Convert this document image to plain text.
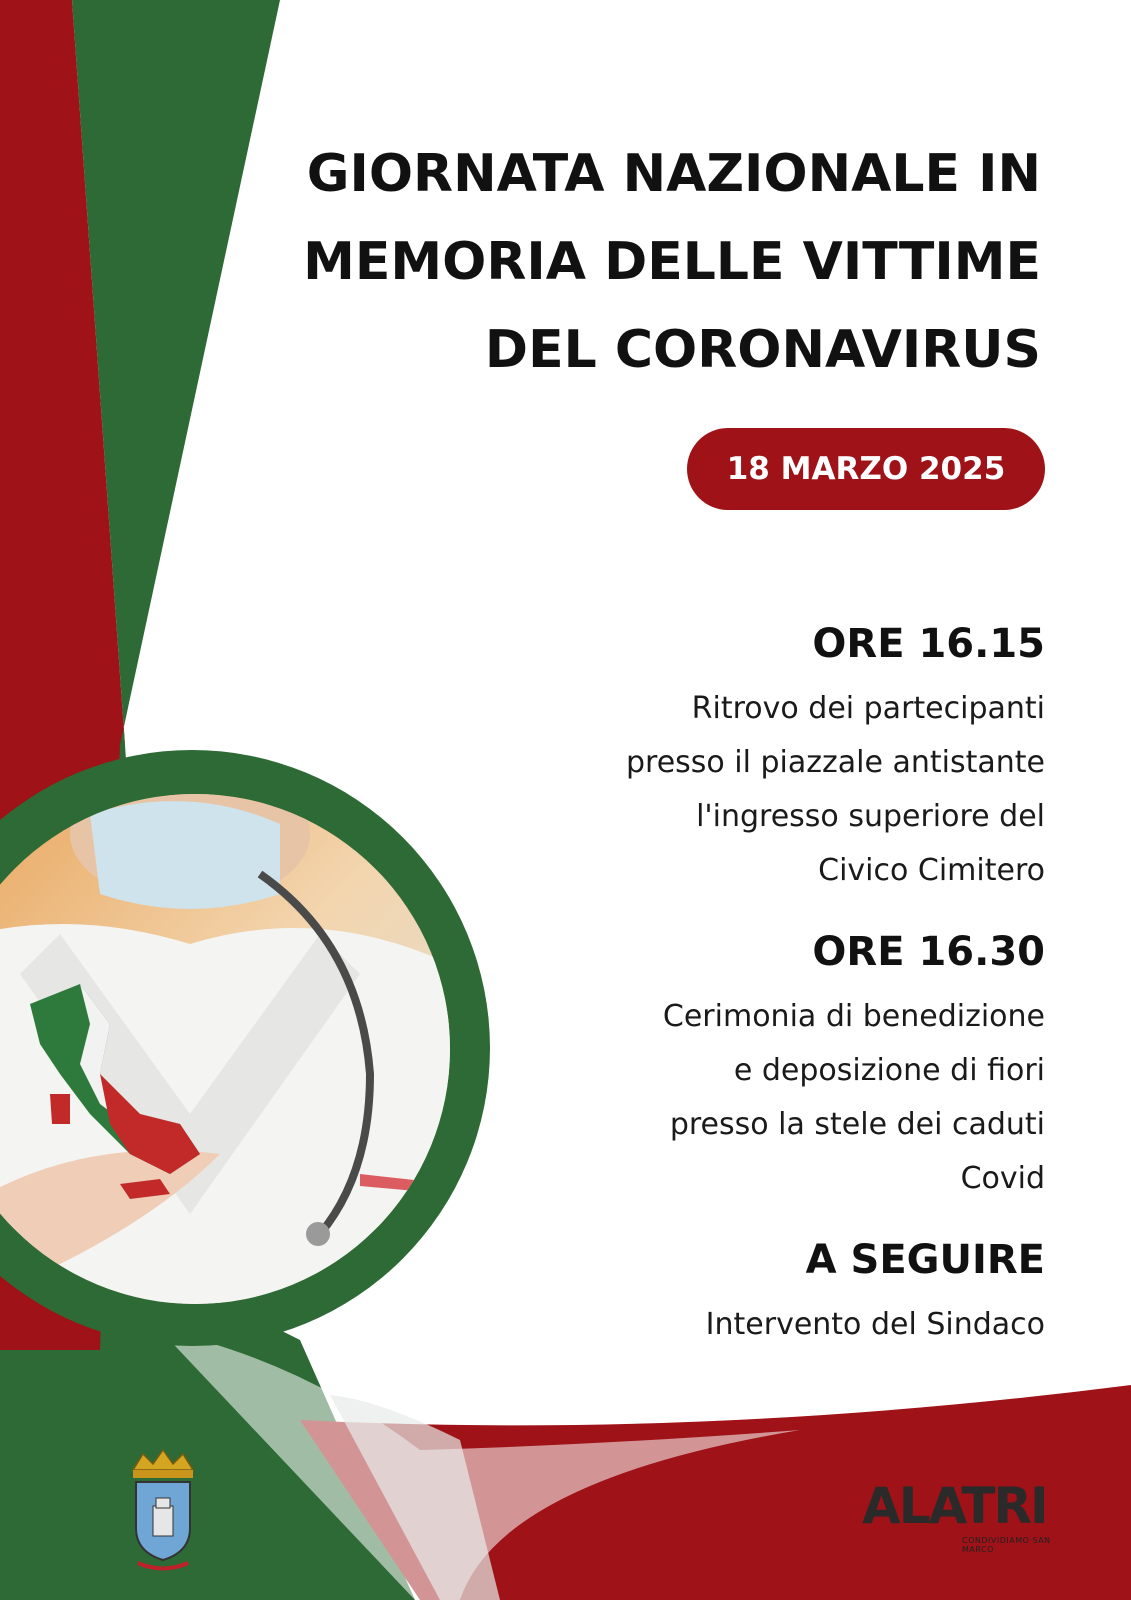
GIORNATA NAZIONALE IN
MEMORIA DELLE VITTIME
DEL CORONAVIRUS
18 MARZO 2025
ORE 16.15
Ritrovo dei partecipanti
presso il piazzale antistante
l'ingresso superiore del
Civico Cimitero
ORE 16.30
Cerimonia di benedizione
e deposizione di fiori
presso la stele dei caduti
Covid
A SEGUIRE
Intervento del Sindaco
ALATRI
CONDIVIDIAMO SAN MARCO
